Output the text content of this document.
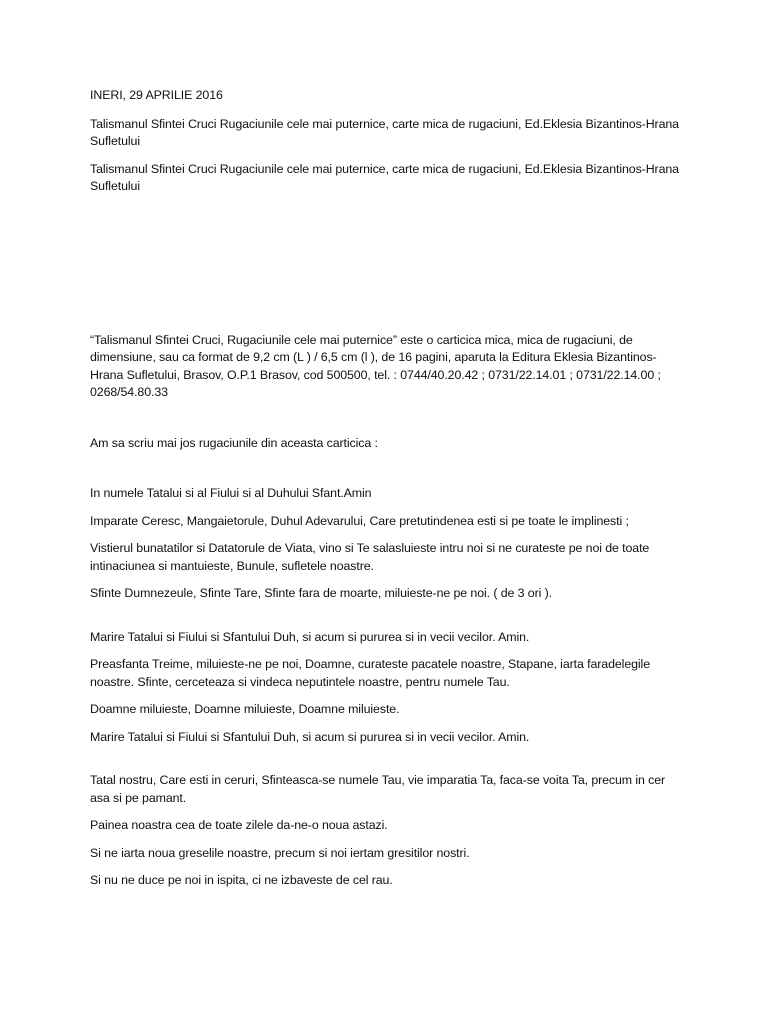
INERI, 29 APRILIE 2016

Talismanul Sfintei Cruci Rugaciunile cele mai puternice, carte mica de rugaciuni, Ed.Eklesia Bizantinos-Hrana Sufletului

Talismanul Sfintei Cruci Rugaciunile cele mai puternice, carte mica de rugaciuni, Ed.Eklesia Bizantinos-Hrana Sufletului

“Talismanul Sfintei Cruci, Rugaciunile cele mai puternice” este o carticica mica, mica de rugaciuni, de dimensiune, sau ca format de 9,2 cm (L ) / 6,5 cm (l ), de 16 pagini, aparuta la Editura Eklesia Bizantinos-Hrana Sufletului, Brasov, O.P.1 Brasov, cod 500500, tel. : 0744/40.20.42 ; 0731/22.14.01 ; 0731/22.14.00 ; 0268/54.80.33

Am sa scriu mai jos rugaciunile din aceasta carticica :

In numele Tatalui si al Fiului si al Duhului Sfant.Amin

Imparate Ceresc, Mangaietorule, Duhul Adevarului, Care pretutindenea esti si pe toate le implinesti ;

Vistierul bunatatilor si Datatorule de Viata, vino si Te salasluieste intru noi si ne curateste pe noi de toate intinaciunea si mantuieste, Bunule, sufletele noastre.

Sfinte Dumnezeule, Sfinte Tare, Sfinte fara de moarte, miluieste-ne pe noi. ( de 3 ori ).

Marire Tatalui si Fiului si Sfantului Duh, si acum si pururea si in vecii vecilor. Amin.

Preasfanta Treime, miluieste-ne pe noi, Doamne, curateste pacatele noastre, Stapane, iarta faradelegile noastre. Sfinte, cerceteaza si vindeca neputintele noastre, pentru numele Tau.

Doamne miluieste, Doamne miluieste, Doamne miluieste.

Marire Tatalui si Fiului si Sfantului Duh, si acum si pururea si in vecii vecilor. Amin.

Tatal nostru, Care esti in ceruri, Sfinteasca-se numele Tau, vie imparatia Ta, faca-se voita Ta, precum in cer asa si pe pamant.

Painea noastra cea de toate zilele da-ne-o noua astazi.

Si ne iarta noua greselile noastre, precum si noi iertam gresitilor nostri.

Si nu ne duce pe noi in ispita, ci ne izbaveste de cel rau.
